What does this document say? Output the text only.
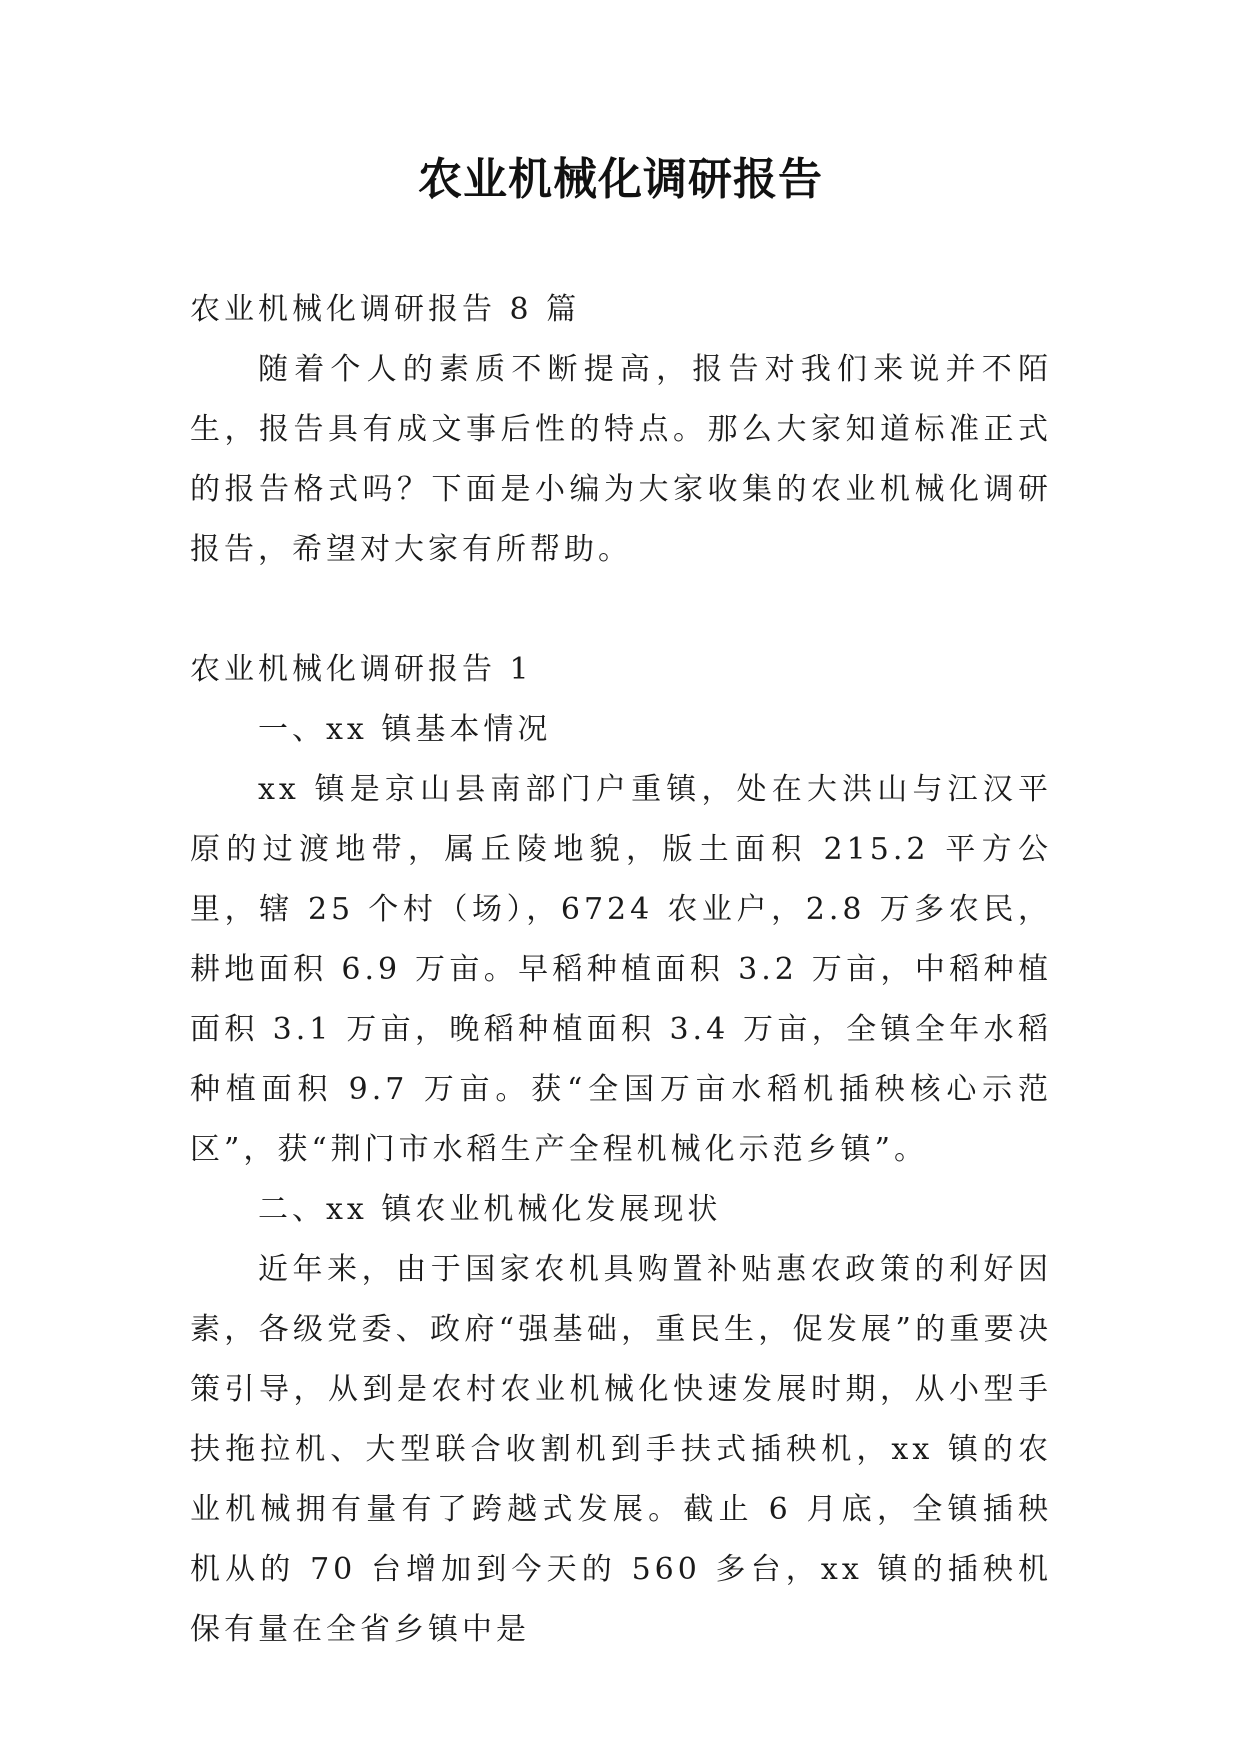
农业机械化调研报告

农业机械化调研报告 8 篇

随着个人的素质不断提高，报告对我们来说并不陌生，报告具有成文事后性的特点。那么大家知道标准正式的报告格式吗？下面是小编为大家收集的农业机械化调研报告，希望对大家有所帮助。

农业机械化调研报告 1

一、xx 镇基本情况

xx 镇是京山县南部门户重镇，处在大洪山与江汉平原的过渡地带，属丘陵地貌，版土面积 215.2 平方公里，辖 25 个村（场），6724 农业户，2.8 万多农民，耕地面积 6.9 万亩。早稻种植面积 3.2 万亩，中稻种植面积 3.1 万亩，晚稻种植面积 3.4 万亩，全镇全年水稻种植面积 9.7 万亩。获“全国万亩水稻机插秧核心示范区”，获“荆门市水稻生产全程机械化示范乡镇”。

二、xx 镇农业机械化发展现状

近年来，由于国家农机具购置补贴惠农政策的利好因素，各级党委、政府“强基础，重民生，促发展”的重要决策引导，从到是农村农业机械化快速发展时期，从小型手扶拖拉机、大型联合收割机到手扶式插秧机，xx 镇的农业机械拥有量有了跨越式发展。截止 6 月底，全镇插秧机从的 70 台增加到今天的 560 多台，xx 镇的插秧机保有量在全省乡镇中是
